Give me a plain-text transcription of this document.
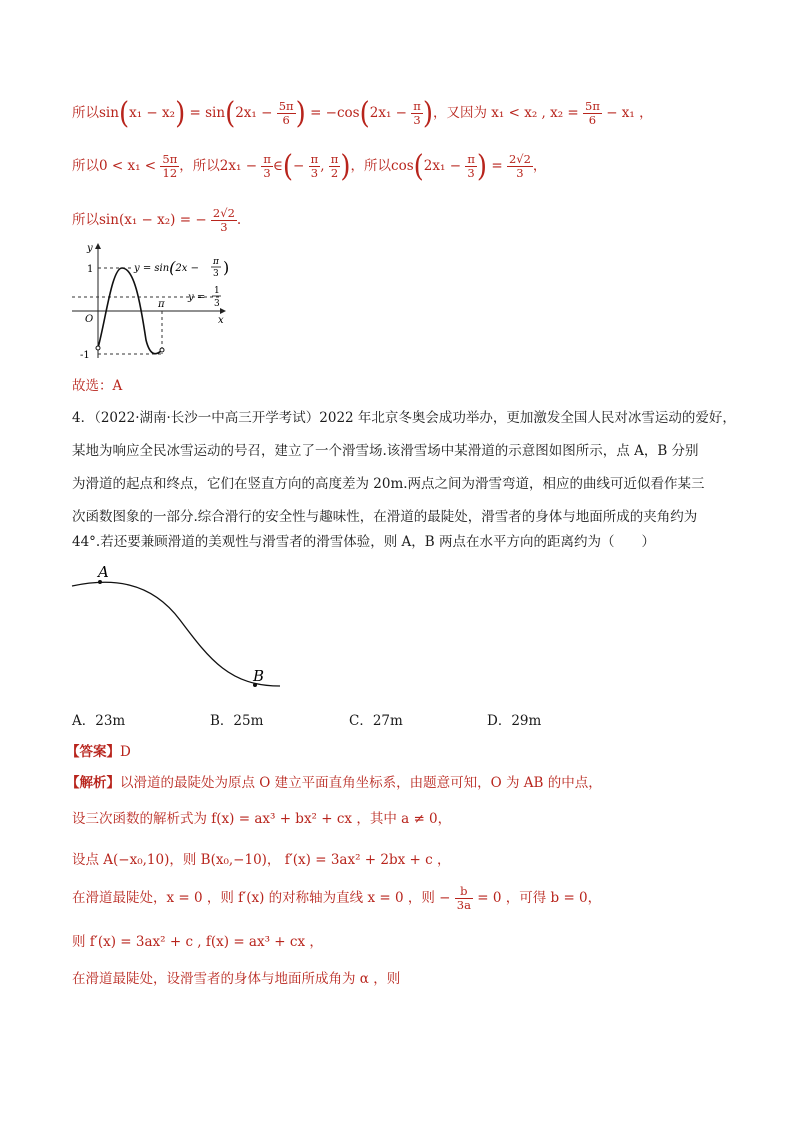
所以$\sin(x_1 - x_2) = \sin(2x_1 - \frac{5\pi}{6}$ ) = $-\cos(2x_1 - \frac{\pi}{3}$ )，又因为 x₁ < x₂ , $x_2 = \frac{5\pi}{6} - x_1$ ，
所以$0 < x_1 < \frac{5\pi}{12}$ ，所以$2x_1 - \frac{\pi}{3}$ ∈(− $\frac{\pi}{3}$ , $\frac{\pi}{2}$ )，所以$\cos(2x_1 - \frac{\pi}{3}$ ) = $\frac{2√2}{3}$ ，
所以sin(x₁ − x₂) = − $\frac{2√2}{3}$ .
y
x
O
1
-1
π
y = sin(2x −
π
3 )
y =
1
3
故选：A
4．（2022·湖南·长沙一中高三开学考试）2022 年北京冬奥会成功举办，更加激发全国人民对冰雪运动的爱好，
某地为响应全民冰雪运动的号召，建立了一个滑雪场.该滑雪场中某滑道的示意图如图所示，点 A，B 分别
为滑道的起点和终点，它们在竖直方向的高度差为 20m.两点之间为滑雪弯道，相应的曲线可近似看作某三
次函数图象的一部分.综合滑行的安全性与趣味性，在滑道的最陡处，滑雪者的身体与地面所成的夹角约为
44°.若还要兼顾滑道的美观性与滑雪者的滑雪体验，则 A，B 两点在水平方向的距离约为（　　）
A
B
A．23m	B．25m	C．27m	D．29m
【答案】D
【解析】以滑道的最陡处为原点 O 建立平面直角坐标系，由题意可知，O 为 AB 的中点，
设三次函数的解析式为 f(x) = ax³ + bx² + cx ，其中 a ≠ 0，
设点 A(−x₀,10)，则 B(x₀,−10)， f′(x) = 3ax² + 2bx + c ，
在滑道最陡处，x = 0 ，则 f′(x) 的对称轴为直线 x = 0 ，则 − $\frac{b}{3a} = 0$ ，可得 b = 0，
则 f′(x) = 3ax² + c , f(x) = ax³ + cx ，
在滑道最陡处，设滑雪者的身体与地面所成角为 α ，则
